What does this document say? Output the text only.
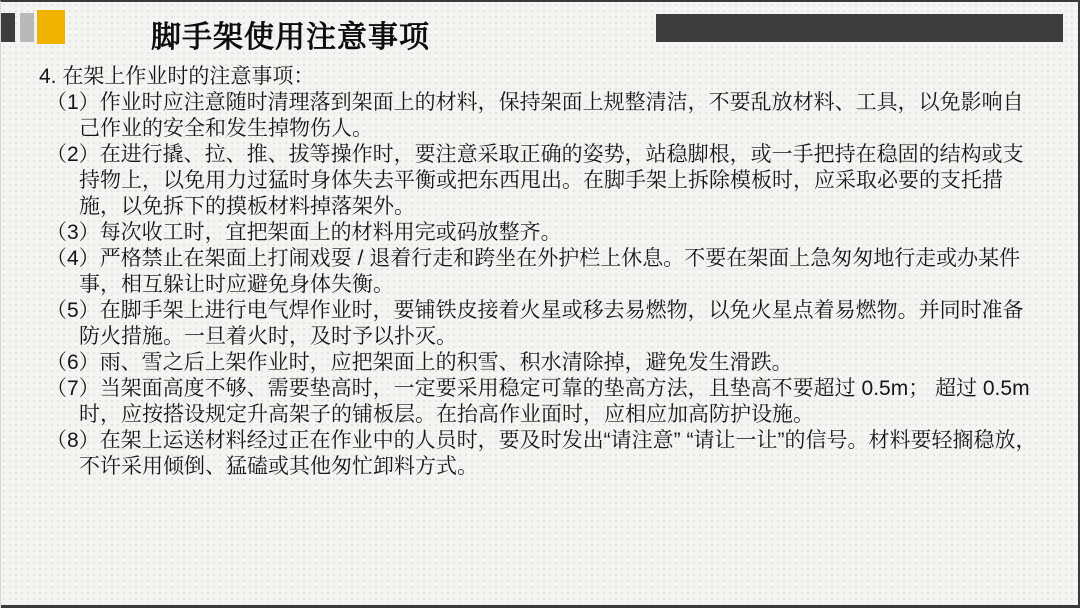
脚手架使用注意事项

4. 在架上作业时的注意事项：

（1）作业时应注意随时清理落到架面上的材料，保持架面上规整清洁，不要乱放材料、工具，以免影响自己作业的安全和发生掉物伤人。

（2）在进行撬、拉、推、拔等操作时，要注意采取正确的姿势，站稳脚根，或一手把持在稳固的结构或支持物上，以免用力过猛时身体失去平衡或把东西甩出。在脚手架上拆除模板时，应采取必要的支托措施，以免拆下的摸板材料掉落架外。

（3）每次收工时，宜把架面上的材料用完或码放整齐。

（4）严格禁止在架面上打闹戏耍 / 退着行走和跨坐在外护栏上休息。不要在架面上急匆匆地行走或办某件事，相互躲让时应避免身体失衡。

（5）在脚手架上进行电气焊作业时，要铺铁皮接着火星或移去易燃物，以免火星点着易燃物。并同时准备防火措施。一旦着火时，及时予以扑灭。

（6）雨、雪之后上架作业时，应把架面上的积雪、积水清除掉，避免发生滑跌。

（7）当架面高度不够、需要垫高时，一定要采用稳定可靠的垫高方法，且垫高不要超过 0.5m； 超过 0.5m 时，应按搭设规定升高架子的铺板层。在抬高作业面时，应相应加高防护设施。

（8）在架上运送材料经过正在作业中的人员时，要及时发出“请注意” “请让一让”的信号。材料要轻搁稳放，不许采用倾倒、猛磕或其他匆忙卸料方式。
